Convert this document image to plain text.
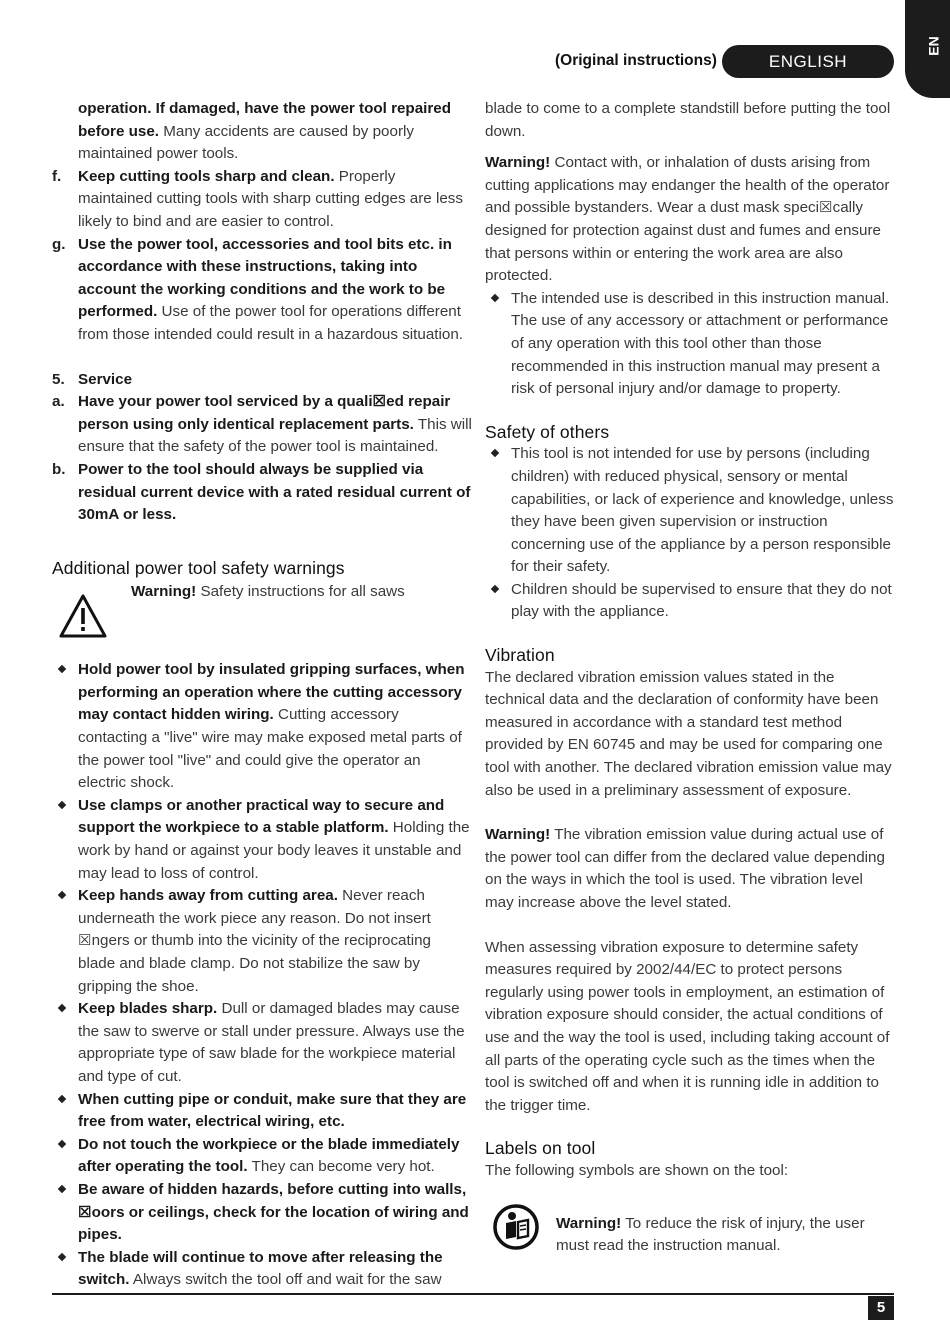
(Original instructions)	ENGLISH
EN

operation. If damaged, have the power tool repaired before use. Many accidents are caused by poorly maintained power tools.

f. Keep cutting tools sharp and clean. Properly maintained cutting tools with sharp cutting edges are less likely to bind and are easier to control.

g. Use the power tool, accessories and tool bits etc. in accordance with these instructions, taking into account the working conditions and the work to be performed. Use of the power tool for operations different from those intended could result in a hazardous situation.

5. Service

a. Have your power tool serviced by a quali☒ed repair person using only identical replacement parts. This will ensure that the safety of the power tool is maintained.

b. Power to the tool should always be supplied via residual current device with a rated residual current of 30mA or less.

Additional power tool safety warnings

Warning! Safety instructions for all saws

Hold power tool by insulated gripping surfaces, when performing an operation where the cutting accessory may contact hidden wiring. Cutting accessory contacting a "live" wire may make exposed metal parts of the power tool "live" and could give the operator an electric shock.

Use clamps or another practical way to secure and support the workpiece to a stable platform. Holding the work by hand or against your body leaves it unstable and may lead to loss of control.

Keep hands away from cutting area. Never reach underneath the work piece any reason. Do not insert ☒ngers or thumb into the vicinity of the reciprocating blade and blade clamp. Do not stabilize the saw by gripping the shoe.

Keep blades sharp. Dull or damaged blades may cause the saw to swerve or stall under pressure. Always use the appropriate type of saw blade for the workpiece material and type of cut.

When cutting pipe or conduit, make sure that they are free from water, electrical wiring, etc.

Do not touch the workpiece or the blade immediately after operating the tool. They can become very hot.

Be aware of hidden hazards, before cutting into walls, ☒oors or ceilings, check for the location of wiring and pipes.

The blade will continue to move after releasing the switch. Always switch the tool off and wait for the saw

blade to come to a complete standstill before putting the tool down.

Warning! Contact with, or inhalation of dusts arising from cutting applications may endanger the health of the operator and possible bystanders. Wear a dust mask speci☒cally designed for protection against dust and fumes and ensure that persons within or entering the work area are also protected.

The intended use is described in this instruction manual. The use of any accessory or attachment or performance of any operation with this tool other than those recommended in this instruction manual may present a risk of personal injury and/or damage to property.

Safety of others

This tool is not intended for use by persons (including children) with reduced physical, sensory or mental capabilities, or lack of experience and knowledge, unless they have been given supervision or instruction concerning use of the appliance by a person responsible for their safety.

Children should be supervised to ensure that they do not play with the appliance.

Vibration

The declared vibration emission values stated in the technical data and the declaration of conformity have been measured in accordance with a standard test method provided by EN 60745 and may be used for comparing one tool with another. The declared vibration emission value may also be used in a preliminary assessment of exposure.

Warning! The vibration emission value during actual use of the power tool can differ from the declared value depending on the ways in which the tool is used. The vibration level may increase above the level stated.

When assessing vibration exposure to determine safety measures required by 2002/44/EC to protect persons regularly using power tools in employment, an estimation of vibration exposure should consider, the actual conditions of use and the way the tool is used, including taking account of all parts of the operating cycle such as the times when the tool is switched off and when it is running idle in addition to the trigger time.

Labels on tool

The following symbols are shown on the tool:

Warning! To reduce the risk of injury, the user must read the instruction manual.

5
